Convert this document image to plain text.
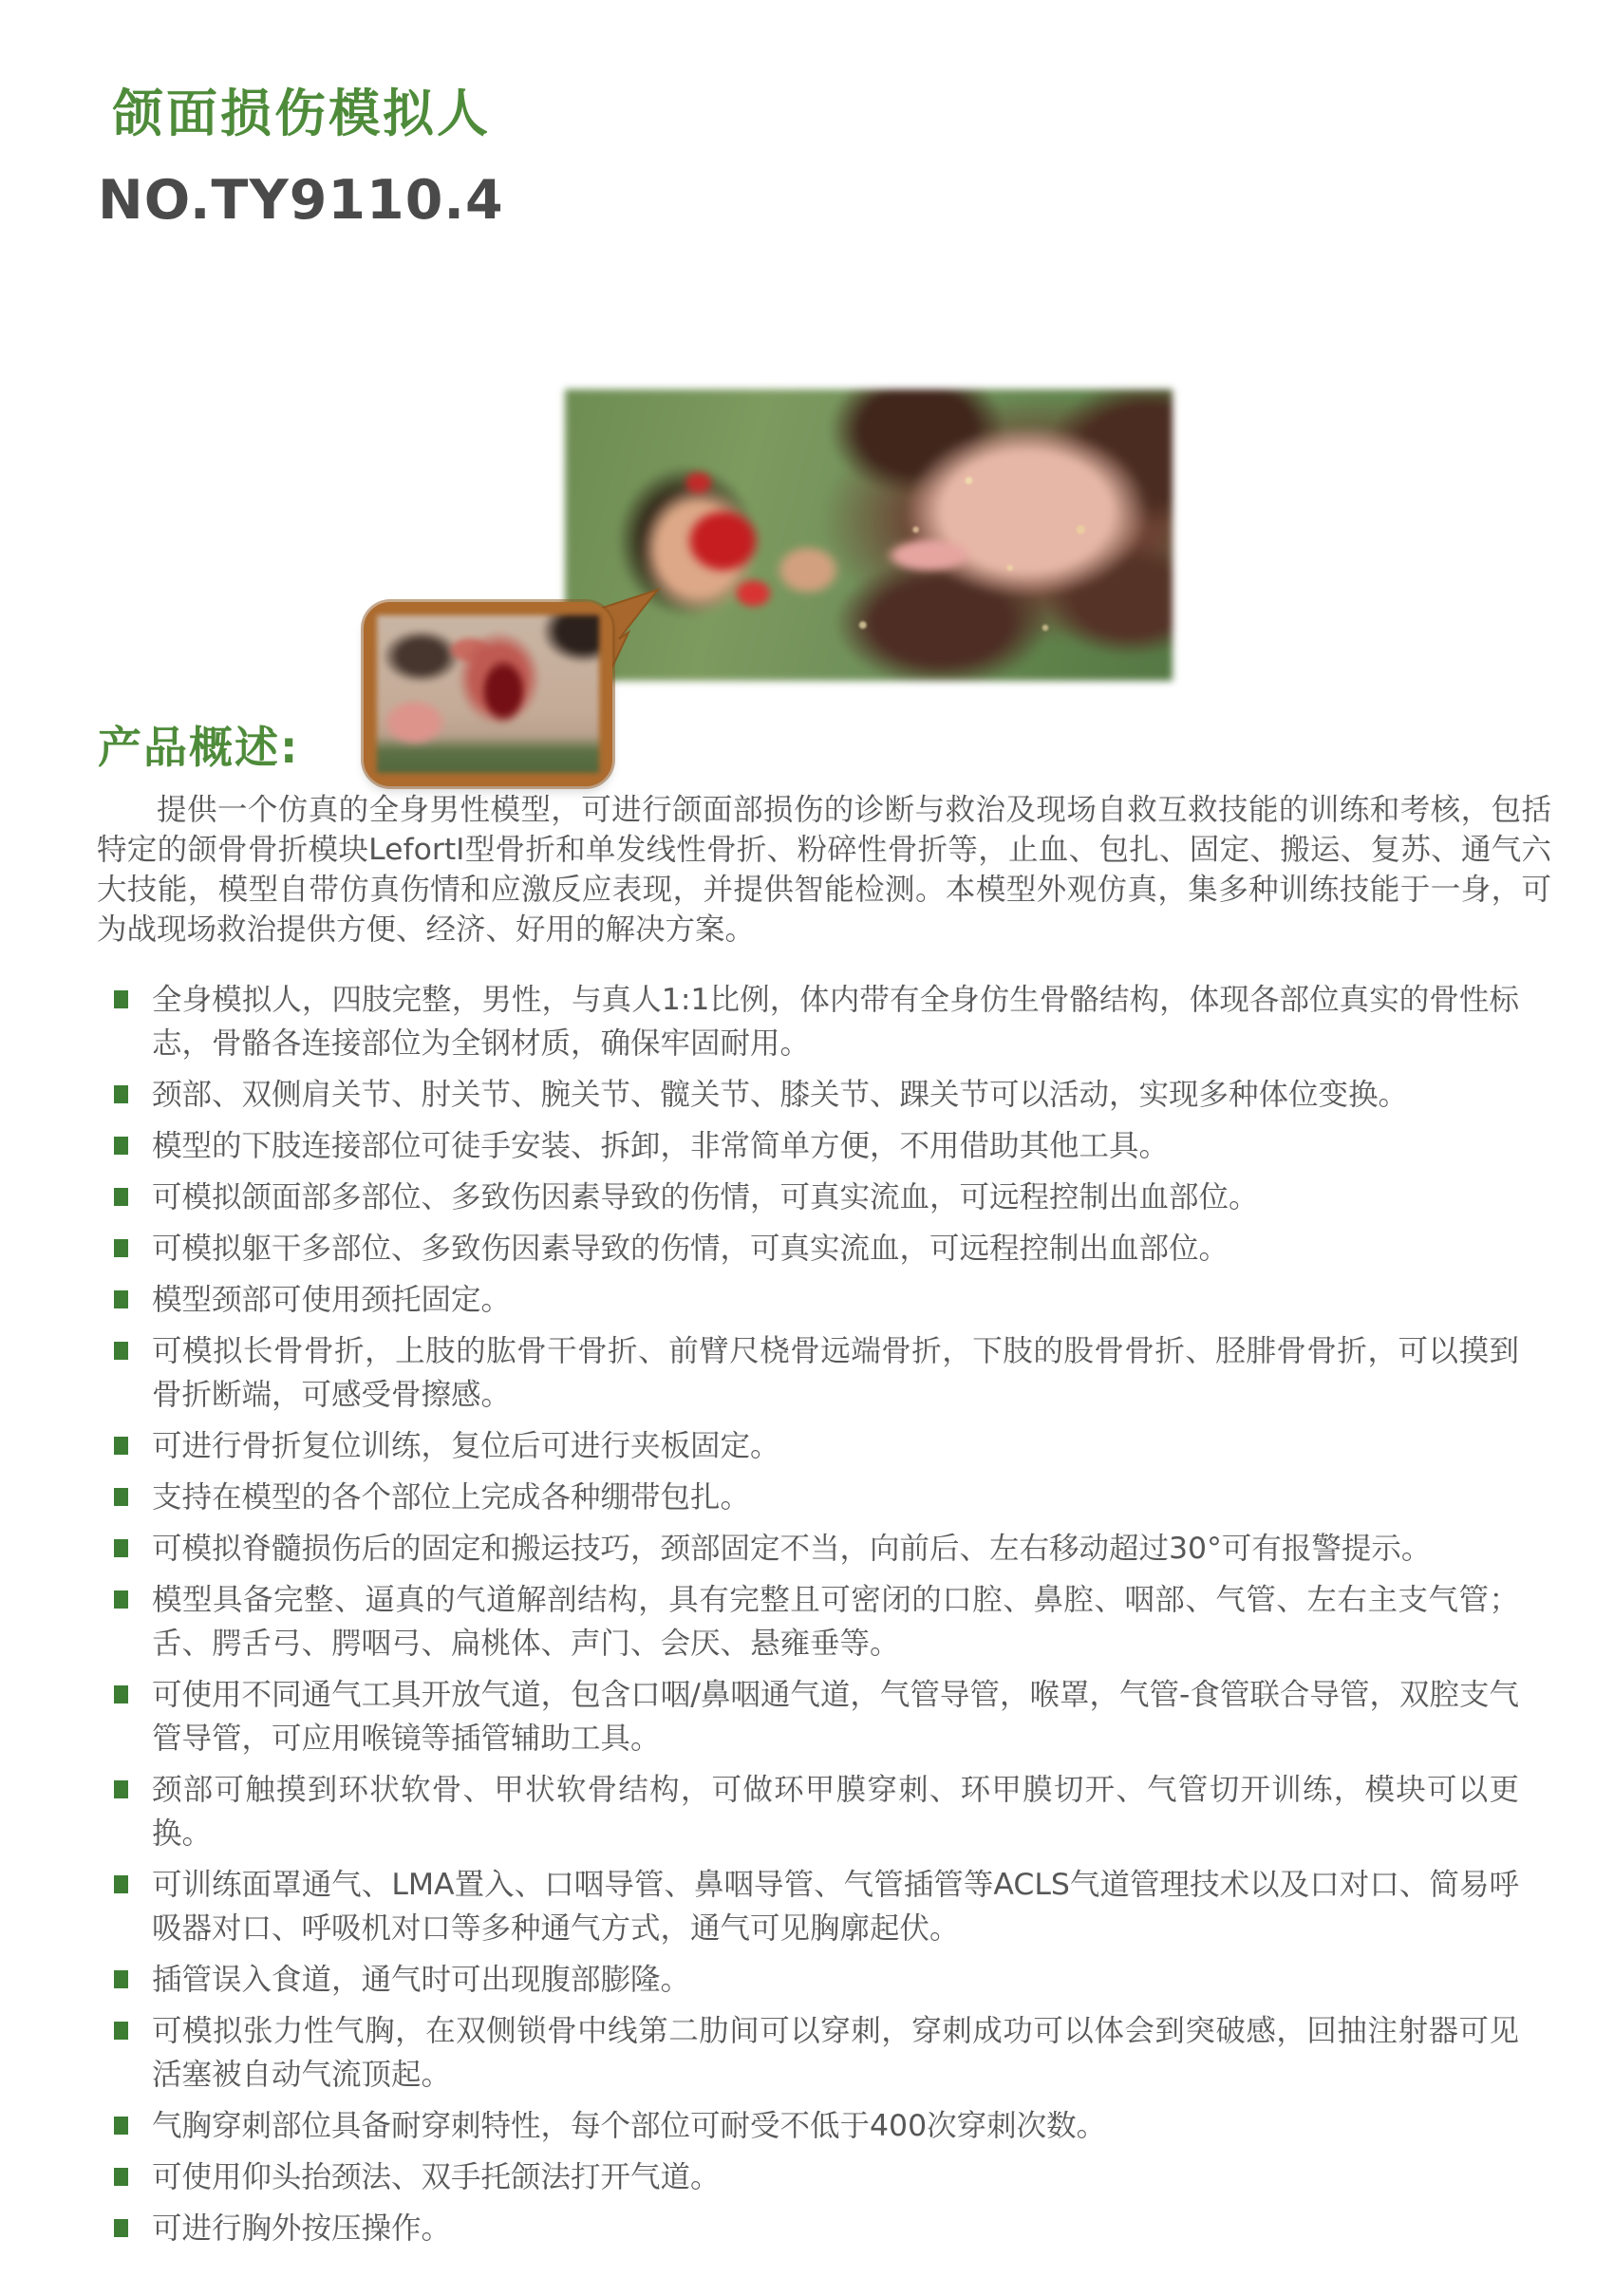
颌面损伤模拟人
NO.TY9110.4
产品概述:

提供一个仿真的全身男性模型，可进行颌面部损伤的诊断与救治及现场自救互救技能的训练和考核，包括特定的颌骨骨折模块LefortI型骨折和单发线性骨折、粉碎性骨折等，止血、包扎、固定、搬运、复苏、通气六大技能，模型自带仿真伤情和应激反应表现，并提供智能检测。本模型外观仿真，集多种训练技能于一身，可为战现场救治提供方便、经济、好用的解决方案。

全身模拟人，四肢完整，男性，与真人1:1比例，体内带有全身仿生骨骼结构，体现各部位真实的骨性标志，骨骼各连接部位为全钢材质，确保牢固耐用。
颈部、双侧肩关节、肘关节、腕关节、髋关节、膝关节、踝关节可以活动，实现多种体位变换。
模型的下肢连接部位可徒手安装、拆卸，非常简单方便，不用借助其他工具。
可模拟颌面部多部位、多致伤因素导致的伤情，可真实流血，可远程控制出血部位。
可模拟躯干多部位、多致伤因素导致的伤情，可真实流血，可远程控制出血部位。
模型颈部可使用颈托固定。
可模拟长骨骨折，上肢的肱骨干骨折、前臂尺桡骨远端骨折，下肢的股骨骨折、胫腓骨骨折，可以摸到骨折断端，可感受骨擦感。
可进行骨折复位训练，复位后可进行夹板固定。
支持在模型的各个部位上完成各种绷带包扎。
可模拟脊髓损伤后的固定和搬运技巧，颈部固定不当，向前后、左右移动超过30°可有报警提示。
模型具备完整、逼真的气道解剖结构，具有完整且可密闭的口腔、鼻腔、咽部、气管、左右主支气管；舌、腭舌弓、腭咽弓、扁桃体、声门、会厌、悬雍垂等。
可使用不同通气工具开放气道，包含口咽/鼻咽通气道，气管导管，喉罩，气管-食管联合导管，双腔支气管导管，可应用喉镜等插管辅助工具。
颈部可触摸到环状软骨、甲状软骨结构，可做环甲膜穿刺、环甲膜切开、气管切开训练，模块可以更换。
可训练面罩通气、LMA置入、口咽导管、鼻咽导管、气管插管等ACLS气道管理技术以及口对口、简易呼吸器对口、呼吸机对口等多种通气方式，通气可见胸廓起伏。
插管误入食道，通气时可出现腹部膨隆。
可模拟张力性气胸，在双侧锁骨中线第二肋间可以穿刺，穿刺成功可以体会到突破感，回抽注射器可见活塞被自动气流顶起。
气胸穿刺部位具备耐穿刺特性，每个部位可耐受不低于400次穿刺次数。
可使用仰头抬颈法、双手托颌法打开气道。
可进行胸外按压操作。
